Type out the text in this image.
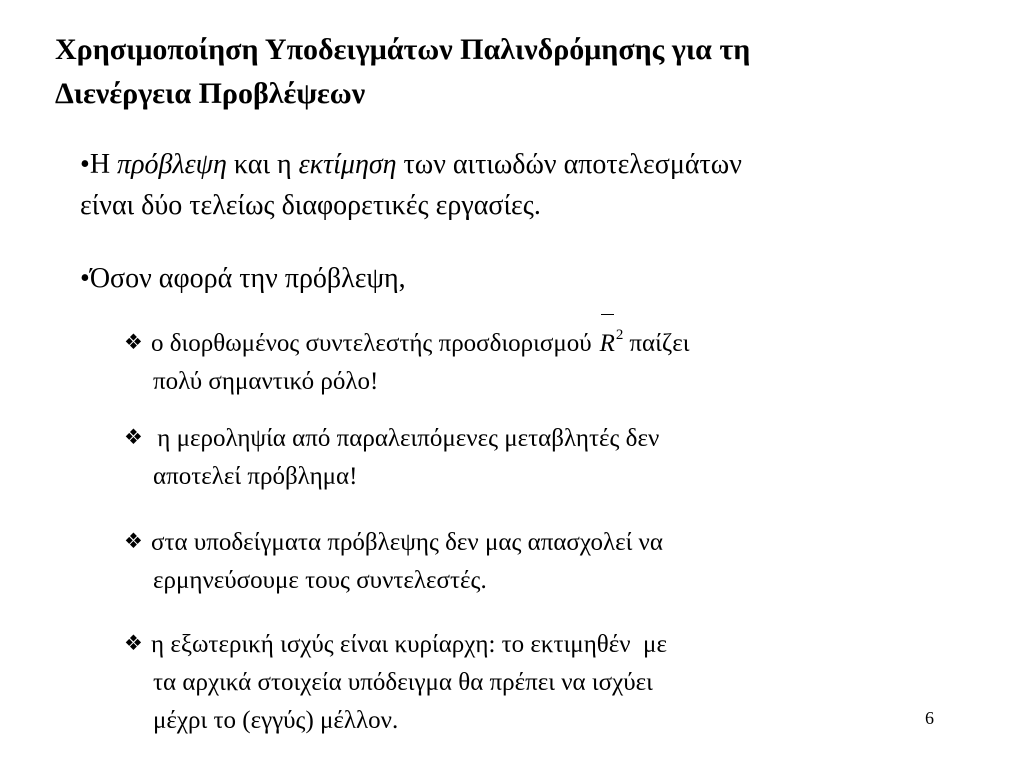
Χρησιμοποίηση Υποδειγμάτων Παλινδρόμησης για τη
Διενέργεια Προβλέψεων
•Η πρόβλεψη και η εκτίμηση των αιτιωδών αποτελεσμάτων
είναι δύο τελείως διαφορετικές εργασίες.
•Όσον αφορά την πρόβλεψη,
❖ ο διορθωμένος συντελεστής προσδιορισμού $R^2$ παίζει
πολύ σημαντικό ρόλο!
❖ η μεροληψία από παραλειπόμενες μεταβλητές δεν
αποτελεί πρόβλημα!
❖ στα υποδείγματα πρόβλεψης δεν μας απασχολεί να
ερμηνεύσουμε τους συντελεστές.
❖ η εξωτερική ισχύς είναι κυρίαρχη: το εκτιμηθέν  με
τα αρχικά στοιχεία υπόδειγμα θα πρέπει να ισχύει
μέχρι το (εγγύς) μέλλον.	6
